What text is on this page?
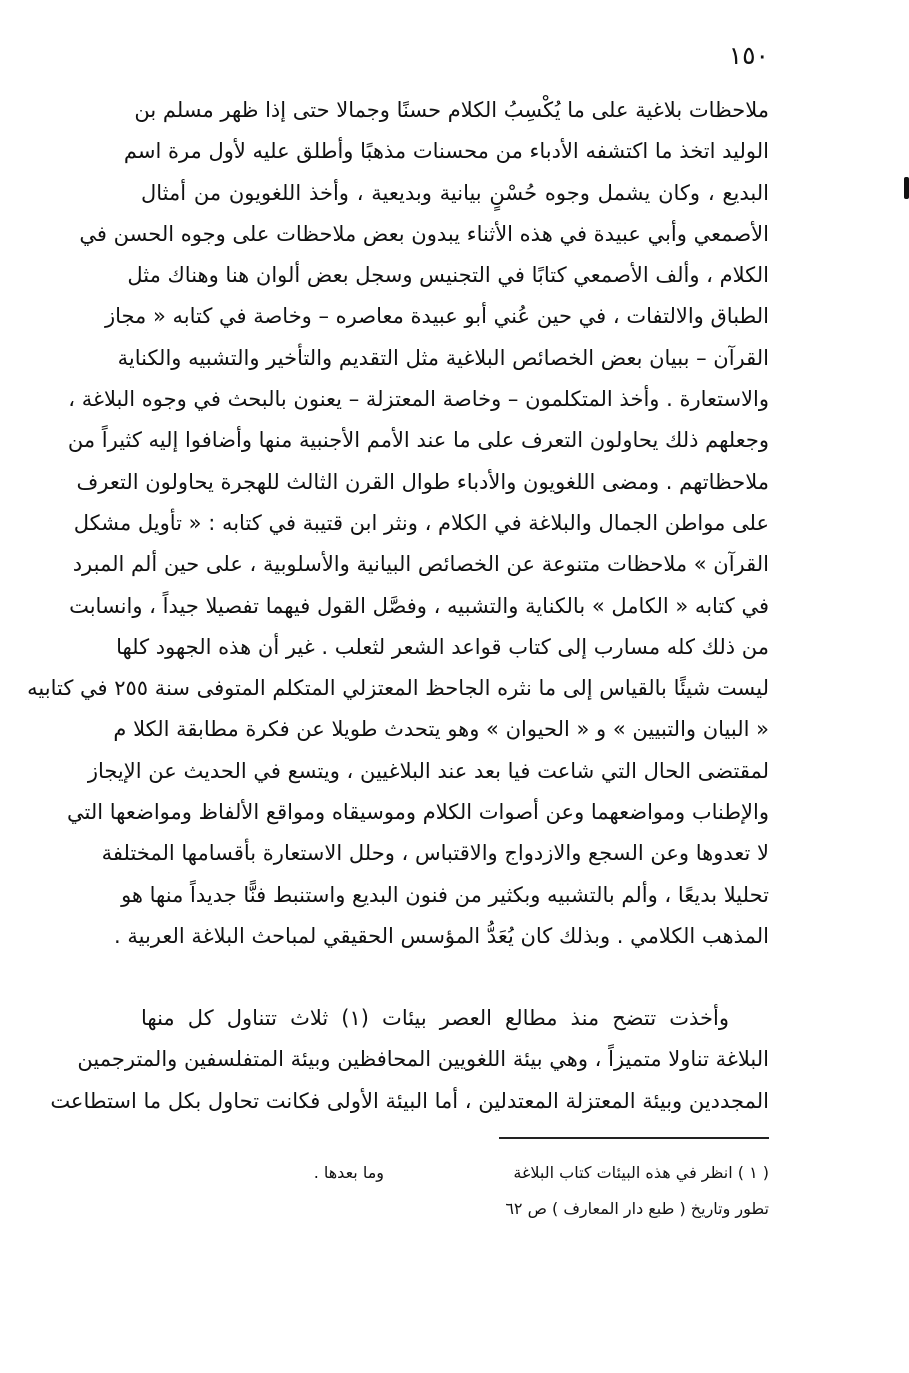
١٥٠
ملاحظات بلاغية على ما يُكْسِبُ الكلام حسنًا وجمالا حتى إذا ظهر مسلم بن
الوليد اتخذ ما اكتشفه الأدباء من محسنات مذهبًا وأطلق عليه لأول مرة اسم
البديع ، وكان يشمل وجوه حُسْنٍ بيانية وبديعية ، وأخذ اللغويون من أمثال
الأصمعي وأبي عبيدة في هذه الأثناء يبدون بعض ملاحظات على وجوه الحسن في
الكلام ، وألف الأصمعي كتابًا في التجنيس وسجل بعض ألوان هنا وهناك مثل
الطباق والالتفات ، في حين عُني أبو عبيدة معاصره – وخاصة في كتابه « مجاز
القرآن – ببيان بعض الخصائص البلاغية مثل التقديم والتأخير والتشبيه والكناية
والاستعارة . وأخذ المتكلمون – وخاصة المعتزلة – يعنون بالبحث في وجوه البلاغة ،
وجعلهم ذلك يحاولون التعرف على ما عند الأمم الأجنبية منها وأضافوا إليه كثيراً من
ملاحظاتهم . ومضى اللغويون والأدباء طوال القرن الثالث للهجرة يحاولون التعرف
على مواطن الجمال والبلاغة في الكلام ، ونثر ابن قتيبة في كتابه : « تأويل مشكل
القرآن » ملاحظات متنوعة عن الخصائص البيانية والأسلوبية ، على حين ألم المبرد
في كتابه « الكامل » بالكناية والتشبيه ، وفصَّل القول فيهما تفصيلا جيداً ، وانسابت
من ذلك كله مسارب إلى كتاب قواعد الشعر لثعلب . غير أن هذه الجهود كلها
ليست شيئًا بالقياس إلى ما نثره الجاحظ المعتزلي المتكلم المتوفى سنة ٢٥٥ في كتابيه
« البيان والتبيين » و « الحيوان » وهو يتحدث طويلا عن فكرة مطابقة الكلا م
لمقتضى الحال التي شاعت فيا بعد عند البلاغيين ، ويتسع في الحديث عن الإيجاز
والإطناب ومواضعهما وعن أصوات الكلام وموسيقاه ومواقع الألفاظ ومواضعها التي
لا تعدوها وعن السجع والازدواج والاقتباس ، وحلل الاستعارة بأقسامها المختلفة
تحليلا بديعًا ، وألم بالتشبيه وبكثير من فنون البديع واستنبط فنًّا جديداً منها هو
المذهب الكلامي . وبذلك كان يُعَدُّ المؤسس الحقيقي لمباحث البلاغة العربية .
وأخذت تتضح منذ مطالع العصر بيئات (١) ثلاث تتناول كل منها
البلاغة تناولا متميزاً ، وهي بيئة اللغويين المحافظين وبيئة المتفلسفين والمترجمين
المجددين وبيئة المعتزلة المعتدلين ، أما البيئة الأولى فكانت تحاول بكل ما استطاعت
( ١ ) انظر في هذه البيئات كتاب البلاغة
وما بعدها .
تطور وتاريخ ( طبع دار المعارف ) ص ٦٢
